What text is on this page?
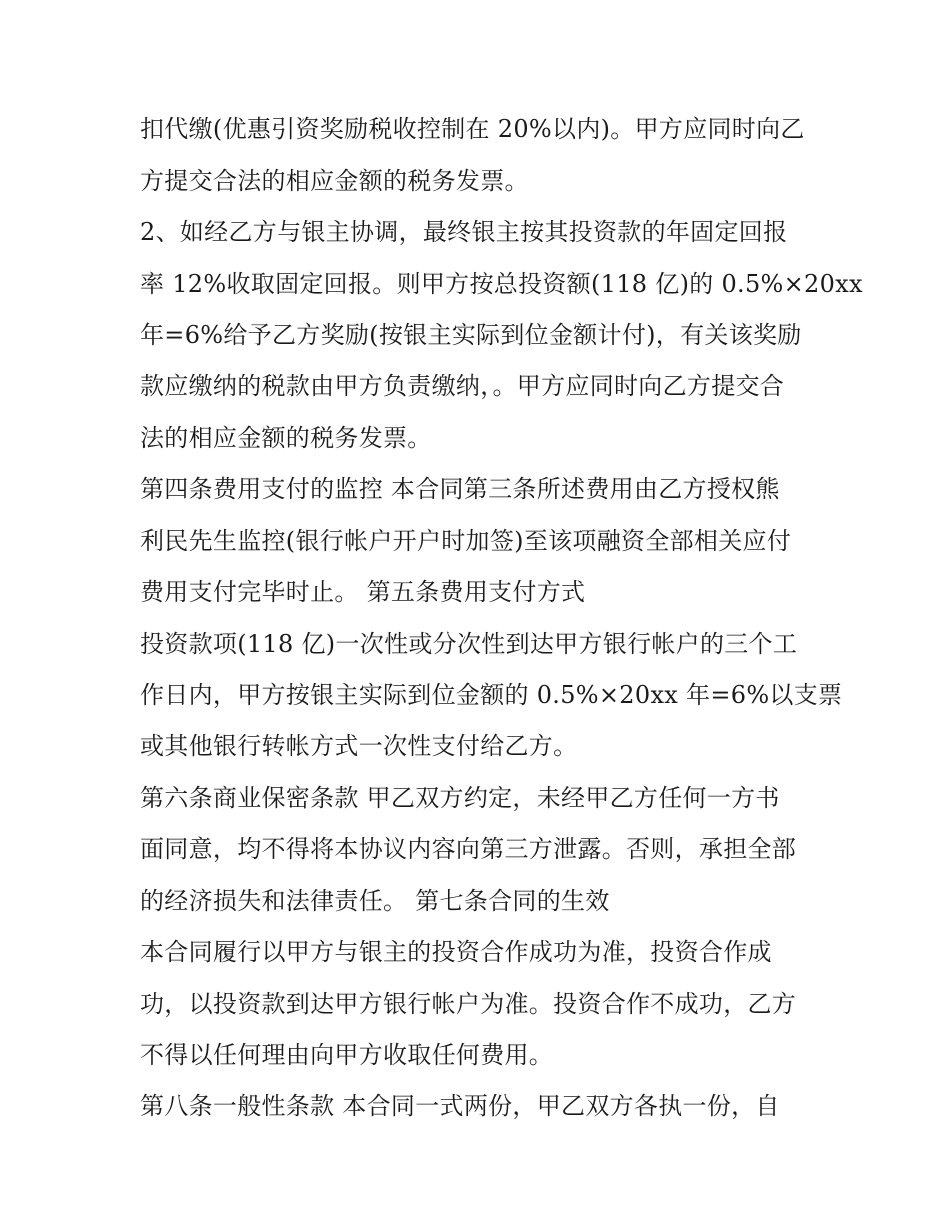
扣代缴(优惠引资奖励税收控制在 20%以内)。甲方应同时向乙

方提交合法的相应金额的税务发票。

2、如经乙方与银主协调，最终银主按其投资款的年固定回报

率 12%收取固定回报。则甲方按总投资额(118 亿)的 0.5%×20xx

年=6%给予乙方奖励(按银主实际到位金额计付)，有关该奖励

款应缴纳的税款由甲方负责缴纳，。甲方应同时向乙方提交合

法的相应金额的税务发票。

第四条费用支付的监控 本合同第三条所述费用由乙方授权熊

利民先生监控(银行帐户开户时加签)至该项融资全部相关应付

费用支付完毕时止。 第五条费用支付方式

投资款项(118 亿)一次性或分次性到达甲方银行帐户的三个工

作日内，甲方按银主实际到位金额的 0.5%×20xx 年=6%以支票

或其他银行转帐方式一次性支付给乙方。

第六条商业保密条款 甲乙双方约定，未经甲乙方任何一方书

面同意，均不得将本协议内容向第三方泄露。否则，承担全部

的经济损失和法律责任。 第七条合同的生效

本合同履行以甲方与银主的投资合作成功为准，投资合作成

功，以投资款到达甲方银行帐户为准。投资合作不成功，乙方

不得以任何理由向甲方收取任何费用。

第八条一般性条款 本合同一式两份，甲乙双方各执一份，自
